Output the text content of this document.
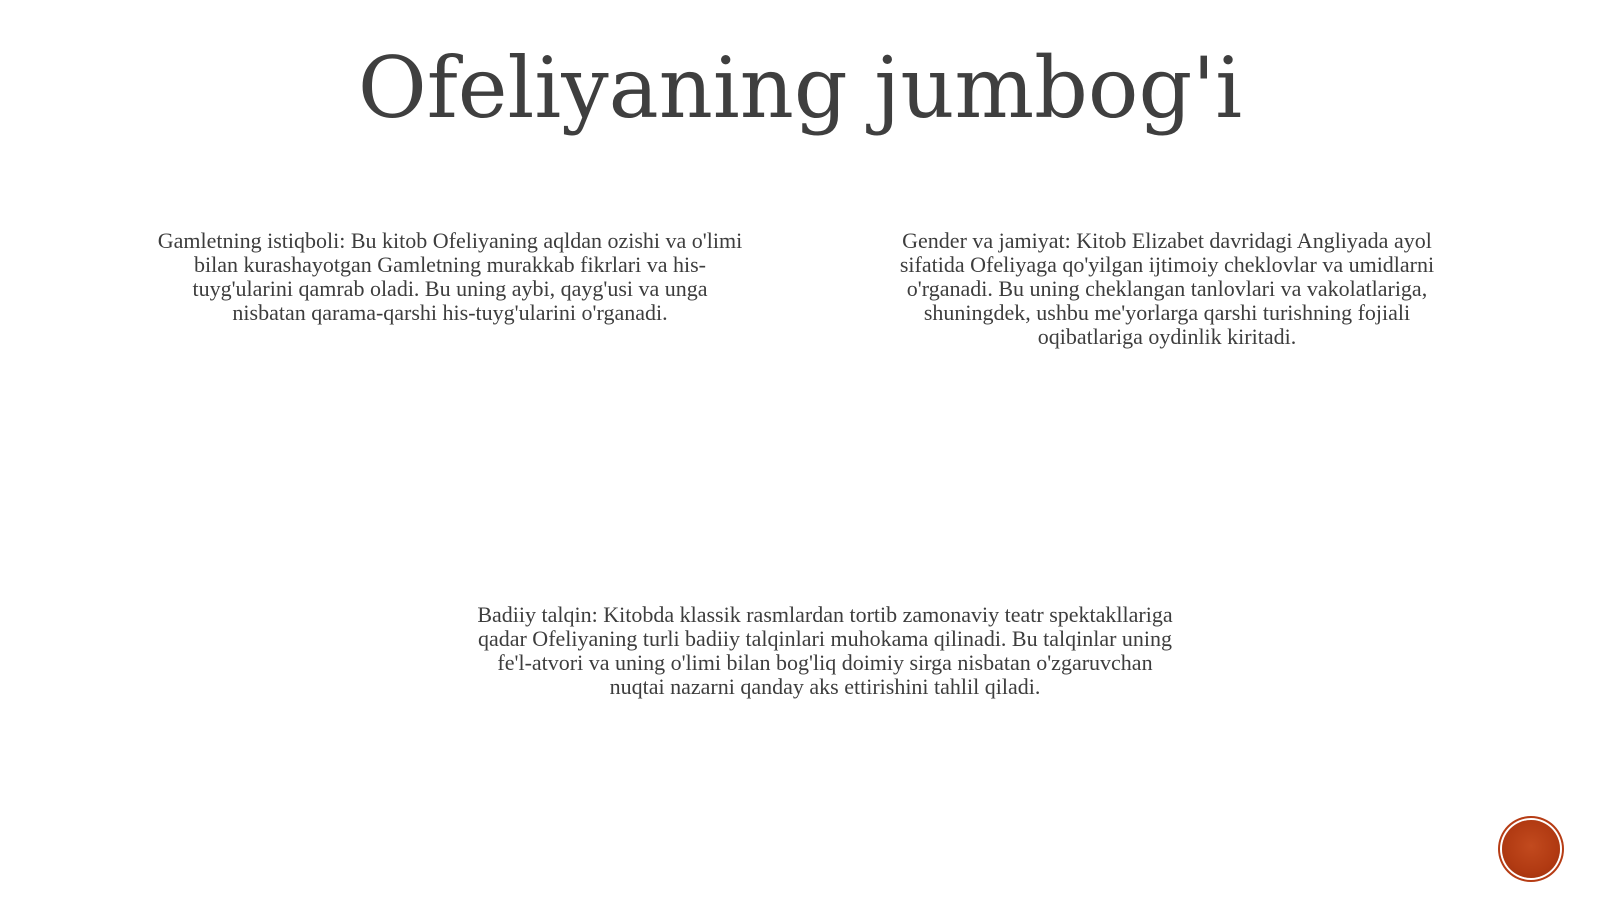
Ofeliyaning jumbog'i
Gamletning istiqboli: Bu kitob Ofeliyaning aqldan ozishi va o'limi bilan kurashayotgan Gamletning murakkab fikrlari va his-tuyg'ularini qamrab oladi. Bu uning aybi, qayg'usi va unga nisbatan qarama-qarshi his-tuyg'ularini o'rganadi.
Gender va jamiyat: Kitob Elizabet davridagi Angliyada ayol sifatida Ofeliyaga qo'yilgan ijtimoiy cheklovlar va umidlarni o'rganadi. Bu uning cheklangan tanlovlari va vakolatlariga, shuningdek, ushbu me'yorlarga qarshi turishning fojiali oqibatlariga oydinlik kiritadi.
Badiiy talqin: Kitobda klassik rasmlardan tortib zamonaviy teatr spektakllariga qadar Ofeliyaning turli badiiy talqinlari muhokama qilinadi. Bu talqinlar uning fe'l-atvori va uning o'limi bilan bog'liq doimiy sirga nisbatan o'zgaruvchan nuqtai nazarni qanday aks ettirishini tahlil qiladi.
